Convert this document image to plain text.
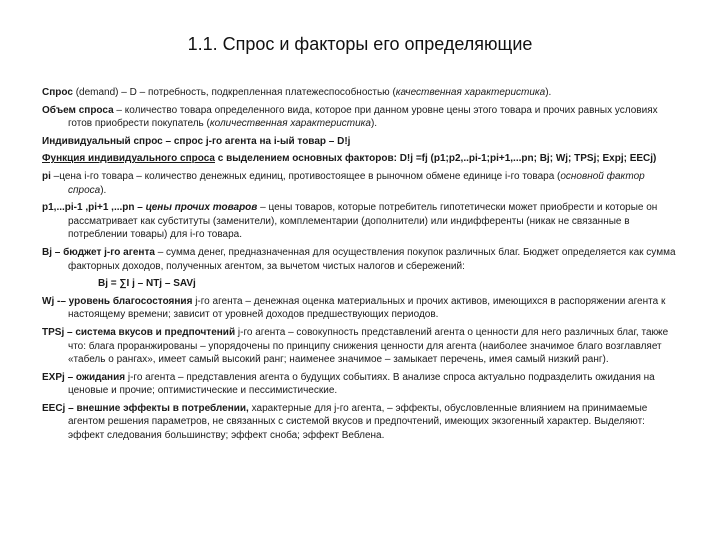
1.1. Спрос и факторы его определяющие

Спрос (demand) – D – потребность, подкрепленная платежеспособностью (качественная характеристика).

Объем спроса – количество товара определенного вида, которое при данном уровне цены этого товара и прочих равных условиях готов приобрести покупатель (количественная характеристика).

Индивидуальный спрос – спрос j-го агента на i-ый товар – D!j

Функция индивидуального спроса с выделением основных факторов: D!j =fj (p1;p2,..pi-1;pi+1,...pn; Bj; Wj; TPSj; Expj; EECj)

pi –цена i-го товара – количество денежных единиц, противостоящее в рыночном обмене единице i-го товара (основной фактор спроса).

p1,...pi-1 ,pi+1 ,...pn – цены прочих товаров – цены товаров, которые потребитель гипотетически может приобрести и которые он рассматривает как субституты (заменители), комплементарии (дополнители) или индифференты (никак не связанные в потреблении товары) для i-го товара.

Bj – бюджет j-го агента – сумма денег, предназначенная для осуществления покупок различных благ. Бюджет определяется как сумма факторных доходов, полученных агентом, за вычетом чистых налогов и сбережений:

Bj = ∑I j – NTj – SAVj

Wj -– уровень благосостояния j-го агента – денежная оценка материальных и прочих активов, имеющихся в распоряжении агента к настоящему времени; зависит от уровней доходов предшествующих периодов.

TPSj – система вкусов и предпочтений j-го агента – совокупность представлений агента о ценности для него различных благ, также что: блага проранжированы – упорядочены по принципу снижения ценности для агента (наиболее значимое благо возглавляет «табель о рангах», имеет самый высокий ранг; наименее значимое – замыкает перечень, имея самый низкий ранг).

EXPj – ожидания j-го агента – представления агента о будущих событиях. В анализе спроса актуально подразделить ожидания на ценовые и прочие; оптимистические и пессимистические.

EECj – внешние эффекты в потреблении, характерные для j-го агента, – эффекты, обусловленные влиянием на принимаемые агентом решения параметров, не связанных с системой вкусов и предпочтений, имеющих экзогенный характер. Выделяют: эффект следования большинству; эффект сноба; эффект Веблена.
